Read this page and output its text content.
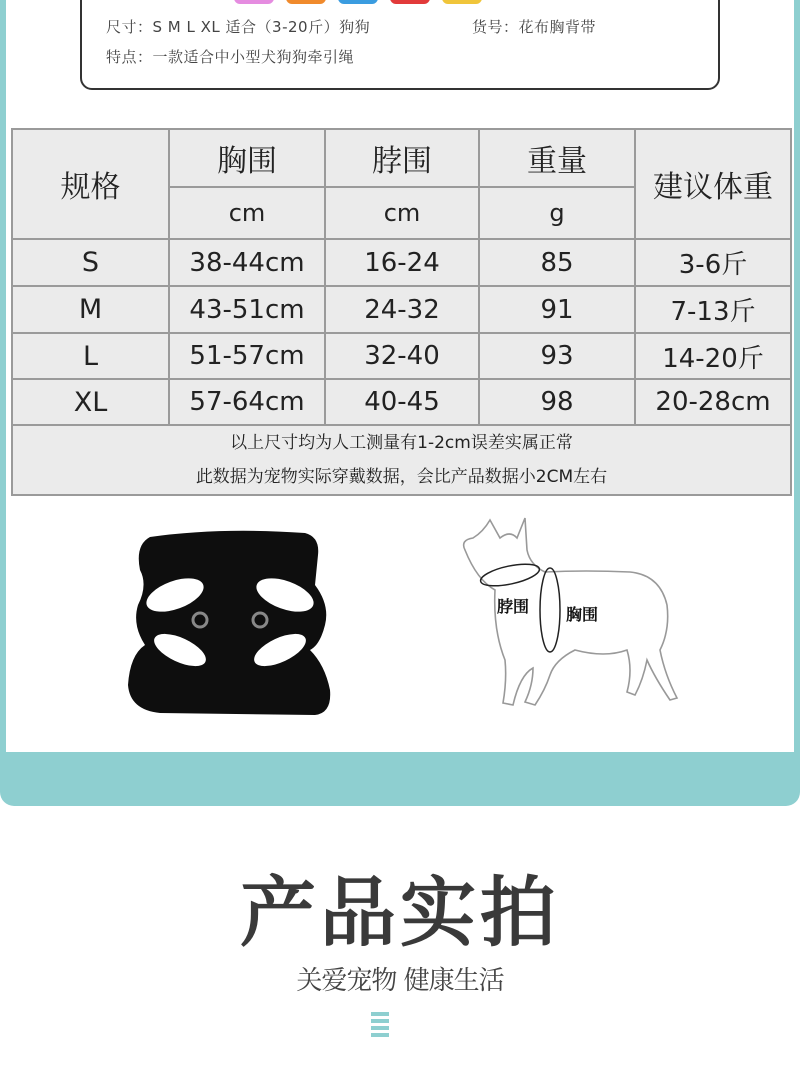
尺寸：S M L XL 适合（3-20斤）狗狗	货号：花布胸背带
特点：一款适合中小型犬狗狗牵引绳
规格	胸围	脖围	重量	建议体重
	cm	cm	g	
S	38-44cm	16-24	85	3-6斤
M	43-51cm	24-32	91	7-13斤
L	51-57cm	32-40	93	14-20斤
XL	57-64cm	40-45	98	20-28cm

以上尺寸均为人工测量有1-2cm误差实属正常
此数据为宠物实际穿戴数据，会比产品数据小2CM左右				
脖围 胸围
产品实拍
关爱宠物 健康生活
